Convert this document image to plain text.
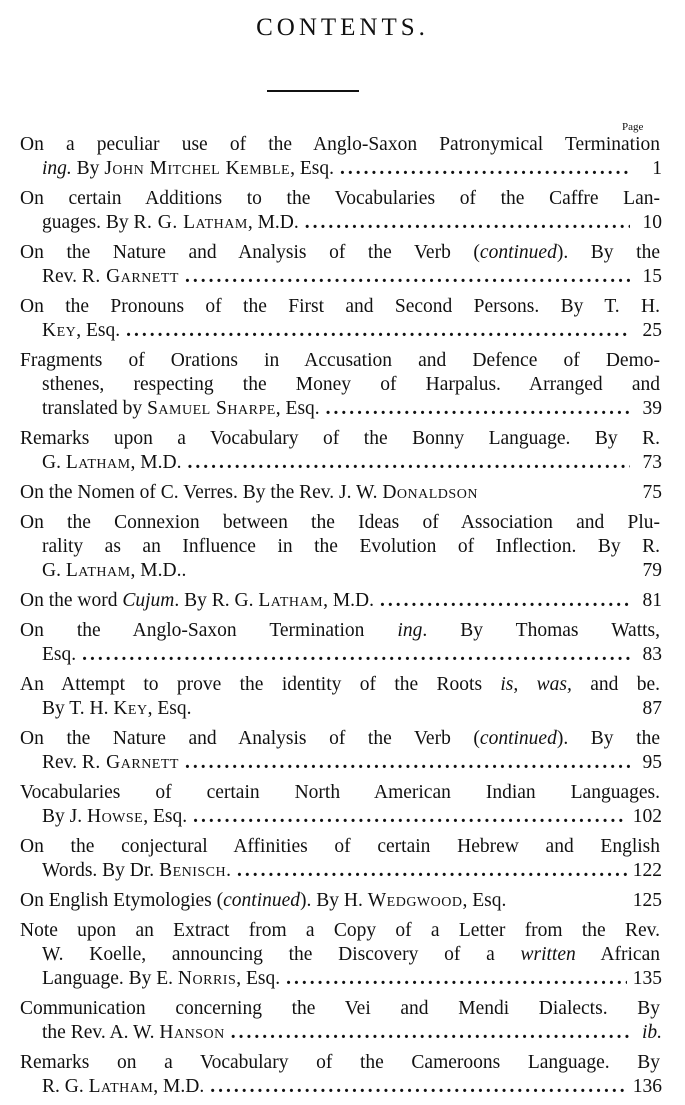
CONTENTS.
Page
On a peculiar use of the Anglo-Saxon Patronymical Termination
ing. By John Mitchel Kemble, Esq. .....	1
On certain Additions to the Vocabularies of the Caffre Lan-
guages. By R. G. Latham, M.D. .....	10
On the Nature and Analysis of the Verb (continued). By the
Rev. R. Garnett .....	15
On the Pronouns of the First and Second Persons. By T. H.
Key, Esq. .....	25
Fragments of Orations in Accusation and Defence of Demo-
sthenes, respecting the Money of Harpalus. Arranged and
translated by Samuel Sharpe, Esq. .....	39
Remarks upon a Vocabulary of the Bonny Language. By R.
G. Latham, M.D. .....	73
On the Nomen of C. Verres. By the Rev. J. W. Donaldson	75
On the Connexion between the Ideas of Association and Plu-
rality as an Influence in the Evolution of Inflection. By R.
G. Latham, M.D..	79
On the word Cujum. By R. G. Latham, M.D. .....	81
On the Anglo-Saxon Termination ing. By Thomas Watts,
Esq. .....	83
An Attempt to prove the identity of the Roots is, was, and be.
By T. H. Key, Esq.	87
On the Nature and Analysis of the Verb (continued). By the
Rev. R. Garnett .....	95
Vocabularies of certain North American Indian Languages.
By J. Howse, Esq. .....	102
On the conjectural Affinities of certain Hebrew and English
Words. By Dr. Benisch. .....	122
On English Etymologies (continued). By H. Wedgwood, Esq.	125
Note upon an Extract from a Copy of a Letter from the Rev.
W. Koelle, announcing the Discovery of a written African
Language. By E. Norris, Esq. .....	135
Communication concerning the Vei and Mendi Dialects. By
the Rev. A. W. Hanson .....	ib.
Remarks on a Vocabulary of the Cameroons Language. By
R. G. Latham, M.D. .....	136
